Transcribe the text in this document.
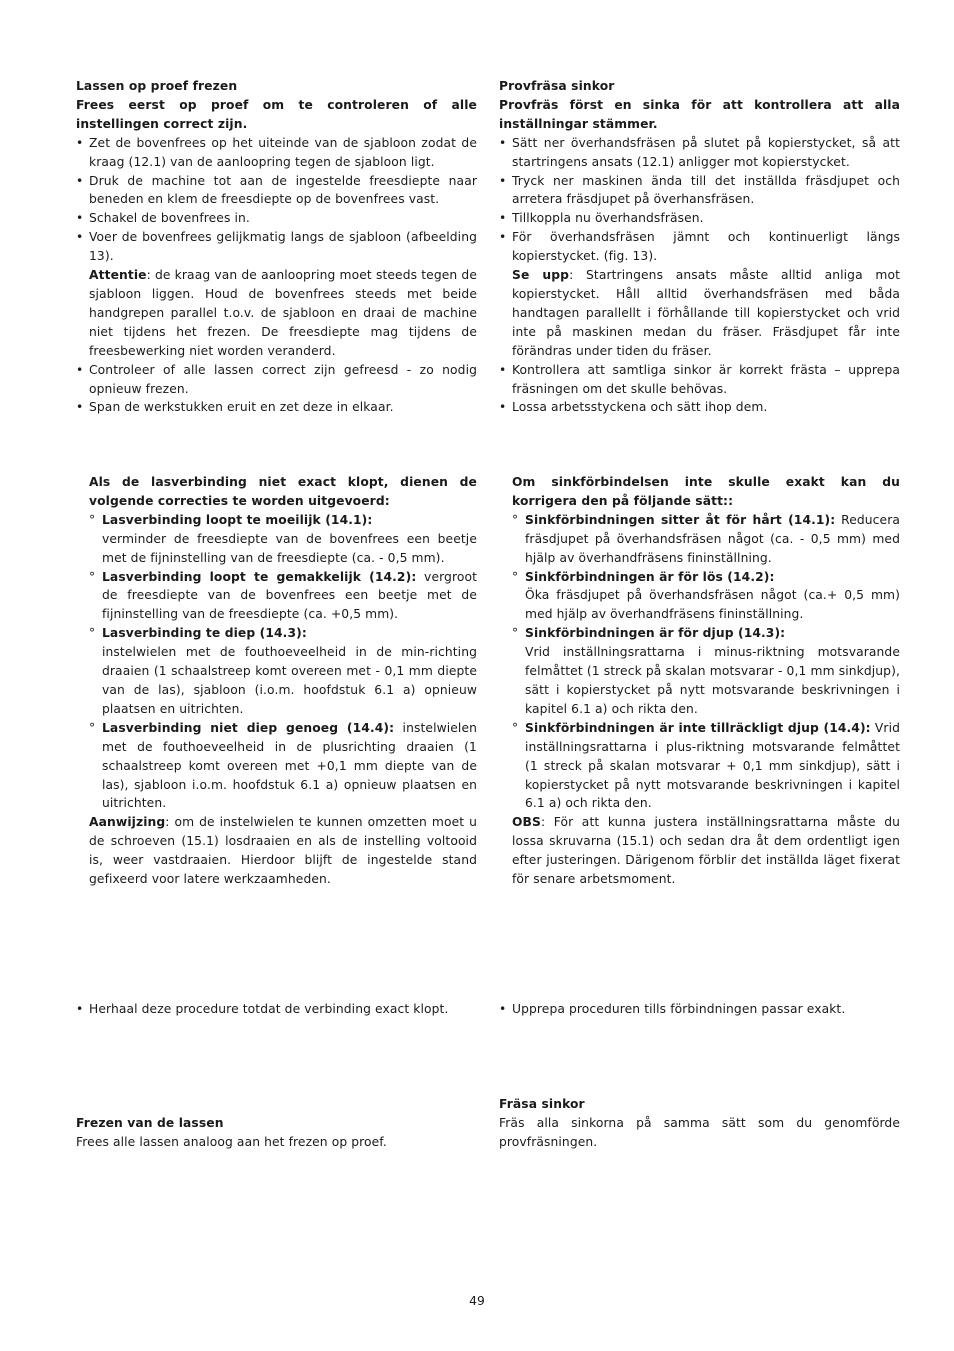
Lassen op proef frezen

Frees eerst op proef om te controleren of alle instellingen correct zijn.

• Zet de bovenfrees op het uiteinde van de sjabloon zodat de kraag (12.1) van de aanloopring tegen de sjabloon ligt.
• Druk de machine tot aan de ingestelde freesdiepte naar beneden en klem de freesdiepte op de bovenfrees vast.
• Schakel de bovenfrees in.
• Voer de bovenfrees gelijkmatig langs de sjabloon (afbeelding 13).
Attentie: de kraag van de aanloopring moet steeds tegen de sjabloon liggen. Houd de bovenfrees steeds met beide handgrepen parallel t.o.v. de sjabloon en draai de machine niet tijdens het frezen. De freesdiepte mag tijdens de freesbewerking niet worden veranderd.
• Controleer of alle lassen correct zijn gefreesd - zo nodig opnieuw frezen.
• Span de werkstukken eruit en zet deze in elkaar.

Als de lasverbinding niet exact klopt, dienen de volgende correcties te worden uitgevoerd:

° Lasverbinding loopt te moeilijk (14.1):
verminder de freesdiepte van de bovenfrees een beetje met de fijninstelling van de freesdiepte (ca. - 0,5 mm).
° Lasverbinding loopt te gemakkelijk (14.2): vergroot de freesdiepte van de bovenfrees een beetje met de fijninstelling van de freesdiepte (ca. +0,5 mm).
° Lasverbinding te diep (14.3):
instelwielen met de fouthoeveelheid in de min-richting draaien (1 schaalstreep komt overeen met - 0,1 mm diepte van de las), sjabloon (i.o.m. hoofdstuk 6.1 a) opnieuw plaatsen en uitrichten.
° Lasverbinding niet diep genoeg (14.4): instelwielen met de fouthoeveelheid in de plusrichting draaien (1 schaalstreep komt overeen met +0,1 mm diepte van de las), sjabloon i.o.m. hoofdstuk 6.1 a) opnieuw plaatsen en uitrichten.

Aanwijzing: om de instelwielen te kunnen omzetten moet u de schroeven (15.1) losdraaien en als de instelling voltooid is, weer vastdraaien. Hierdoor blijft de ingestelde stand gefixeerd voor latere werkzaamheden.

• Herhaal deze procedure totdat de verbinding exact klopt.

Frezen van de lassen

Frees alle lassen analoog aan het frezen op proef.

Provfräsa sinkor

Provfräs först en sinka för att kontrollera att alla inställningar stämmer.

• Sätt ner överhandsfräsen på slutet på kopierstycket, så att startringens ansats (12.1) anligger mot kopierstycket.
• Tryck ner maskinen ända till det inställda fräsdjupet och arretera fräsdjupet på överhansfräsen.
• Tillkoppla nu överhandsfräsen.
• För överhandsfräsen jämnt och kontinuerligt längs kopierstycket. (fig. 13).
Se upp: Startringens ansats måste alltid anliga mot kopierstycket. Håll alltid överhandsfräsen med båda handtagen parallellt i förhållande till kopierstycket och vrid inte på maskinen medan du fräser. Fräsdjupet får inte förändras under tiden du fräser.
• Kontrollera att samtliga sinkor är korrekt frästa – upprepa fräsningen om det skulle behövas.
• Lossa arbetsstyckena och sätt ihop dem.

Om sinkförbindelsen inte skulle exakt kan du korrigera den på följande sätt::

° Sinkförbindningen sitter åt för hårt (14.1): Reducera fräsdjupet på överhandsfräsen något (ca. - 0,5 mm) med hjälp av överhandfräsens fininställning.
° Sinkförbindningen är för lös (14.2):
Öka fräsdjupet på överhandsfräsen något (ca.+ 0,5 mm) med hjälp av överhandfräsens fininställning.
° Sinkförbindningen är för djup (14.3):
Vrid inställningsrattarna i minus-riktning motsvarande felmåttet (1 streck på skalan motsvarar - 0,1 mm sinkdjup), sätt i kopierstycket på nytt motsvarande beskrivningen i kapitel 6.1 a) och rikta den.
° Sinkförbindningen är inte tillräckligt djup (14.4): Vrid inställningsrattarna i plus-riktning motsvarande felmåttet (1 streck på skalan motsvarar + 0,1 mm sinkdjup), sätt i kopierstycket på nytt motsvarande beskrivningen i kapitel 6.1 a) och rikta den.

OBS: För att kunna justera inställningsrattarna måste du lossa skruvarna (15.1) och sedan dra åt dem ordentligt igen efter justeringen. Därigenom förblir det inställda läget fixerat för senare arbetsmoment.

• Upprepa proceduren tills förbindningen passar exakt.

Fräsa sinkor

Fräs alla sinkorna på samma sätt som du genomförde provfräsningen.

49
